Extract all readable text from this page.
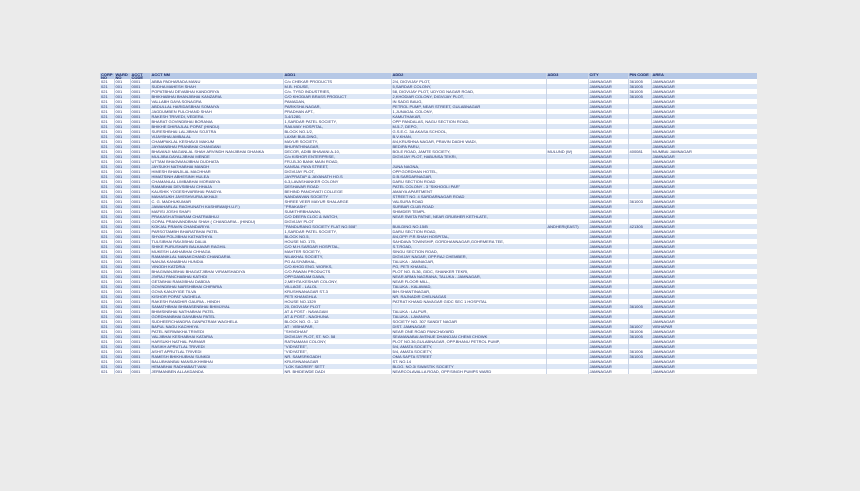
CORP NO	WARD NO	ACCT CODE	ACCT NM	ADD1	ADD2	ADD3	CITY	PIN CODE	AREA
021	001	0001	ABBA PADHARADA MANU	C/o CHEKAR PRODUCTS	2/4, DIGVIJAY PLOT,		JAMNAGAR	361005	JAMNAGAR
021	001	0001	SUDHA MAHESH SHAH	M.B. HOUSE,	5,SARDAR COLONY,		JAMNAGAR	361005	JAMNAGAR
021	001	0001	POPATBHAI DEVABHAI KANDORIYA	C/o. TYSO INDUSTRIES,	58, DIGVIJAY PLOT, UDYOG NAGAR ROAD,		JAMNAGAR	361005	JAMNAGAR
021	001	0001	BHIKHABHAI BHANJIBHAI KANZARIA	C/O KHODIAR BRASS PRODUCT	2,KHODIAR COLONY, DIGVIJAY PLOT,		JAMNAGAR	361005	JAMNAGAR
021	001	0001	VALLABH DAYA SONAGRA	PAMADAN,	IN SADG BAUG,		JAMNAGAR		JAMNAGAR
021	001	0001	ABDULLAL HARIDASBHAI SOMAIYA	PARIKSHA NAGAR,	PETROL PUMP, NEAR STREET, GULABNAGAR		JAMNAGAR		JAMNAGAR
021	001	0001	JAGDUMBEN FULCHAND SHAH	PRADHAN APT.,	1,JUNAGAL COLONY,		JAMNAGAR		JAMNAGAR
021	001	0001	RAKESH TRIVEDI, VEDERA	3-4/1280,	KAMUTHAKAR,		JAMNAGAR		JAMNAGAR
021	001	0001	BHARAT GOVINDBHAI BORANIA	1,SARDAR PATEL SOCIETY,	OPP PANDALAS, NAGU SECTION ROAD,		JAMNAGAR		JAMNAGAR
021	001	0001	BHIKHE DHIRAJLAL POPAT (HINDU)	RAILWAY HOSPITAL,	M-5-7, DEPO,		JAMNAGAR		JAMNAGAR
021	001	0001	SURESHBHAI LALJIBHAI SOJITRA	BLOCK NO.1/2,	G.S.E.C. 3A AKASA SCHOOL,		JAMNAGAR		JAMNAGAR
021	001	0001	VIJAYBHAI AMBALAL	LAXMI BUILDING,	B.V.KHAN,		JAMNAGAR		JAMNAGAR
021	001	0001	CHAMPAKLAL KESHAVJI MAKUM	MAYUR SOCIETY,	8/4,KRUSHNA NAGAR, PRAVIN DADHI WADI,		JAMNAGAR		JAMNAGAR
021	001	0001	JAYMANBHAI PRANBHAI CHANGANI	BHUPATHINAGAR,	BEDIPA PARU,		JAMNAGAR		JAMNAGAR
021	001	0001	BHAVANJI MAGANLAL SHAH ARVINDH NANJIBHAI DHANKA	DECOR, ADIBI BHAVANI A-10,	BOLE ROAD, JAMTE SOCIETY,	MULUND (W)	JAMNAGAR	400081	MUMBAI JAMNAGAR
021	001	0001	MULJIBA DAYALJIBHAI MENDE	C/o KISHOR ENTERPRISE,	DIGVIJAY PLOT, HABUNSA TEKRI,		JAMNAGAR		JAMNAGAR
021	001	0001	UTTAM BHAGWANJIBHAI DUDHATA	FRJ-B-30 BANK MAIN ROAD,			JAMNAGAR		JAMNAGAR
021	001	0001	JAYSUKH NATHABHAI MANDH	KANSAL PAYA STREET,	JUNA NAGNA,		JAMNAGAR		JAMNAGAR
021	001	0001	HIMESH BHANJILAL MACHHAR	DIGVIJAY PLOT,	OPP.GORDHAN HOTEL,		JAMNAGAR		JAMNAGAR
021	001	0001	HIMATSINH ABHESINH HULEA	JAYPRATAP & JAYANATH HO.S	D.B.SARDARNAGAR,		JAMNAGAR		JAMNAGAR
021	001	0001	CHAMANLAL LIMBABHAI MORABIYA	6-3,LAVASHANKER COLONY	DARU SECTION ROAD		JAMNAGAR		JAMNAGAR
021	001	0001	RAMABHAI DEVSIBHAI CHHAJA	DESHAVAR ROAD	PATEL COLONY - 3 "SIKHOOLI PAR"		JAMNAGAR		JAMNAGAR
021	001	0001	KAUSHIK YOGESHVARBHAI PANDYA	BEHIND PANCHVATI COLLEGE	AMAIYA APARTMENT		JAMNAGAR		JAMNAGAR
021	001	0001	MAHASUKH JAYESHVURIA AKHAJI	NANDANVAN SOCIETY	STREET NO. 4 SARDARNAGAR ROAD		JAMNAGAR		JAMNAGAR
021	001	0001	C. G. MADHUKUMAR	SHREE VEER MAYUR SHALARGE	VALSURA ROAD		JAMNAGAR	361003	JAMNAGAR
021	001	0001	JAWAHARLAL RAGHUNATH KASHIRAM(H.U.F.)	"PRAKASH"	SURBAR CLUB ROAD		JAMNAGAR		JAMNAGAR
021	001	0001	MAFISI JOSHI SHAFI	SUMITHRBHAWAN,	SHIMDER TEMPL		JAMNAGAR		JAMNAGAR
021	001	0001	PRAKASH ATMARAM CHATRABHUJ	C/O DEEPA CLOC & WATCH,	NEAR SWITA PATNE, NEAR GRUBHER KETHLATE,		JAMNAGAR		JAMNAGAR
021	001	0001	GOPAL PRANVANDBHAI SHAH ( CHANDARIA - (HINDU)	DIGVIJAY PLOT			JAMNAGAR		JAMNAGAR
021	001	0001	KOKJAL PRAVIN CHANDARIYA	"PANDURANG SOCIETY FLAT NO.508"	BUILDING NO.15/B	ANDHERI(EAST)	JAMNAGAR	421305	JAMNAGAR
021	001	0001	PARSOTAMBH BHARATBHAI PATEL	1,SARDAR PATEL SOCIETY,	DARU SECTION ROAD,		JAMNAGAR		JAMNAGAR
021	001	0001	SHYAM POLJIBHAI KATHATHIYA	BLOCK NO.5,	8/4,OPP. P.R.SHAH HOSPITAL,		JAMNAGAR		JAMNAGAR
021	001	0001	TULSIBHAI RAVJIBHAI DALIA	HOUSE NO. 175,	SAHDAVA TOWNSHIP, GORDHANNAGAR,GOHRMERA TEE,		JAMNAGAR		JAMNAGAR
021	001	0001	SHIKE PURUSHARI BALKAVAR RAGHIL	C/O M.H.SARDAR HOSPITAL,	S.T.ROAD,		JAMNAGAR		JAMNAGAR
021	001	0001	MUKESH LAKHABHAI CHHAGA	MAHTER SOCIETY,	SINGU SECTION ROAD,		JAMNAGAR		JAMNAGAR
021	001	0001	RAMANIKLAL NANAKCHAND CHANDARIA	NILAKHAL SOCIETY,	DIGVIJAY NAGAR, OPP.RAJ CHEMBER,		JAMNAGAR		JAMNAGAR
021	001	0001	NANJIA KANABHAI HUNDIA	PG ALSIYABHAL,	TALUKA : JAMNAGAR,		JAMNAGAR		JAMNAGAR
021	001	0001	VINODH KATDRIA	C/O.KHOD ENG. WORKS,	PG, PETI KHANGL,		JAMNAGAR		JAMNAGAR
021	001	0001	BHAGWANJIBHAI BHAGATJIBHAI VIRAMSHADIYA	C/O.PAWAN PRODUCTS	PLOT NO. B-36, GIDC, SHANKER TEKRI,		JAMNAGAR		JAMNAGAR
021	001	0001	JIVRAJ PANCHABHAI KATHDI	OPP.DAMDAM DAWA,	NEAR ARMA NAGRANA, TALUKA - JAMNAGAR,		JAMNAGAR		JAMNAGAR
021	001	0001	GETABHAI RAMJIBHAI DABDIA	2,MEHTA KESHAR COLONY,	NEAR FLOOR MILL,		JAMNAGAR		JAMNAGAR
021	001	0001	GOVINDBHAI NARSHIBHAI CHIPARIA	VILLAGE - LALOL	TALUKA - KALAWAD,		JAMNAGAR		JAMNAGAR
021	001	0001	GOVA KANJIYIGE TILVA	KRUSHNANAGAR ST-3	B/H.SHANTINAGAR,		JAMNAGAR		JAMNAGAR
021	001	0001	KISHOR POPAT VAGHELA	PETI KHANGHLA	NR. RAJNADIR CHELNAGAS		JAMNAGAR		JAMNAGAR
021	001	0001	RAKESH RANDHIR GAURIA - HINDH	HOUSE NO.1329	PATRAT KHAND NAVAGAR GIDC SEC 1 HOSPITAL		JAMNAGAR		JAMNAGAR
021	001	0001	SAMATHBHAI BHIMASENBHAI BHIMJIYAL	20, DIGVIJAY PLOT			JAMNAGAR	361005	JAMNAGAR
021	001	0001	BHIMSINBHAI NATHABHAI PATEL	AT & POST : NAVAGAM	TALUKA : LALPUR,		JAMNAGAR		JAMNAGAR
021	001	0001	GORDHANBHAI DAYABHAI PATEL	AT & POST - NAGHUNA	TALUKA - LAVANIYA		JAMNAGAR		JAMNAGAR
021	001	0001	SUDHEERCHANDRA GANPATRAM WAGHELA	BLOCK NO. G - 12	SOCIETY NO. 307 SANDIT NAGAR		JAMNAGAR		JAMNAGAR
021	001	0001	BAPUL NAGU KACHHIYA	AT : VIBHAPAR,	DIST. JAMNAGAR		JAMNAGAR	361007	VIBHAPAR
021	001	0001	PATEL NERWAKHA TRIVEDI	"SHIVDHAN"	NEAR ONE ROAD PANCHAYARD		JAMNAGAR	361006	JAMNAGAR
021	001	0001	VALJIBHAI KESHABHAI KATARIA	DIGVIJAY PLOT, ST. NO. 58	SEAMANABAI AVENUE DHANOJAI CHEMI CHOWK		JAMNAGAR	361005	JAMNAGAR
021	001	0001	HARSUKH NATHAL PARMAR	RATNAMANI COLONY,	PLOT NO.36,GULABNAGAR, OPP.BHANU PETROL PUMP,		JAMNAGAR		JAMNAGAR
021	001	0001	RASIKH APRUTLAL TRIVEDI	"VIDYATEE",	5/4, AMATA SOCIETY,		JAMNAGAR		JAMNAGAR
021	001	0001	ASHIT APRUTLAL TRIVEDI	"VIDYATEE",	5/4, AMATA SOCIETY,		JAMNAGAR	361006	JAMNAGAR
021	001	0001	RAMESH BHIKHUBHAI SUNKDI	NR. SAMSRKGADH	OMA SAPTA STREET		JAMNAGAR	361003	JAMNAGAR
021	001	0001	BALUBHANBAI MANSUKHHBHAI	KRUSHNANAGAR	ST. NO.14		JAMNAGAR		JAMNAGAR
021	001	0001	HEMABHAI RADHABAIT VANI	"LOK SAGRER" SETT	BLDG. NO.3/ SWASTIK SOCIETY		JAMNAGAR		JAMNAGAR
021	001	0001	JERMANBEN ALLAKDANDA	NR. BHIDEWDE DADI	NEARCOLAVALLA ROAD, OPP.SINGH PUMPS WARD		JAMNAGAR		JAMNAGAR
